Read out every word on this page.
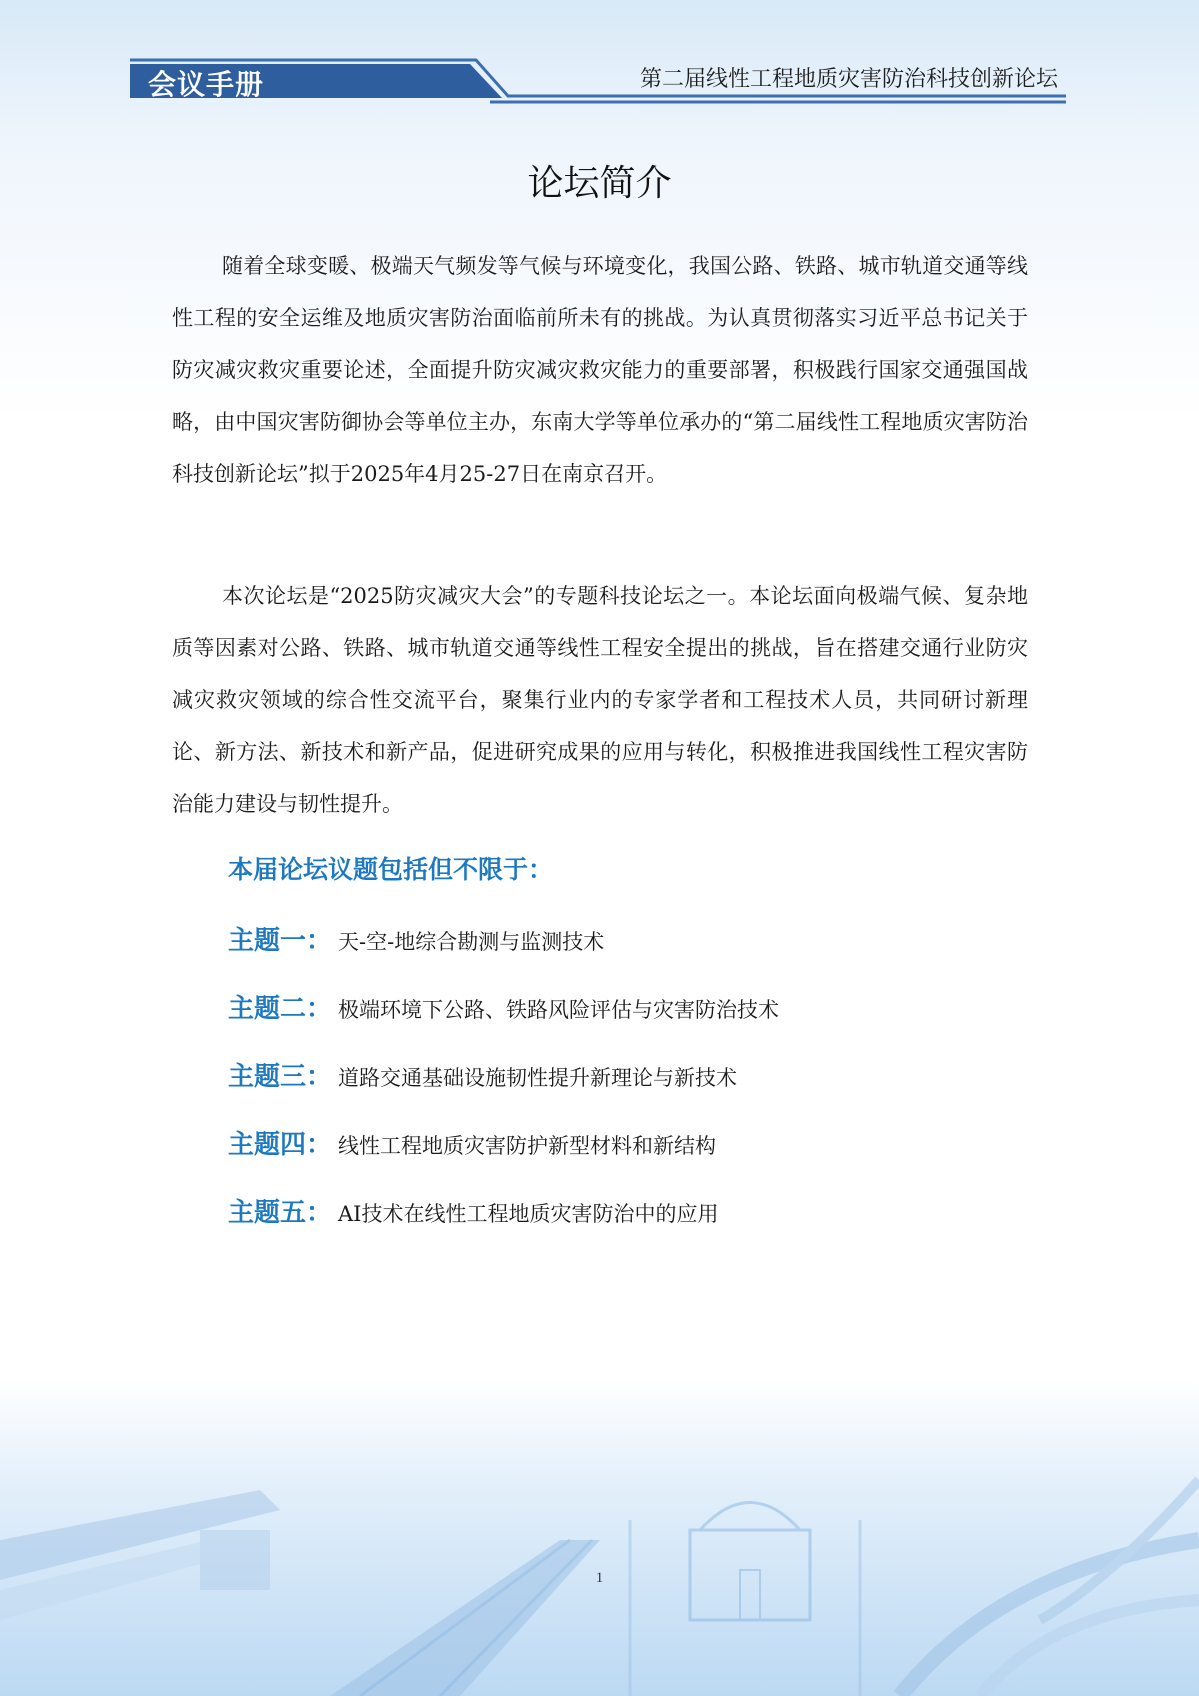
会议手册	第二届线性工程地质灾害防治科技创新论坛
论坛简介

随着全球变暖、极端天气频发等气候与环境变化，我国公路、铁路、城市轨道交通等线性工程的安全运维及地质灾害防治面临前所未有的挑战。为认真贯彻落实习近平总书记关于防灾减灾救灾重要论述，全面提升防灾减灾救灾能力的重要部署，积极践行国家交通强国战略，由中国灾害防御协会等单位主办，东南大学等单位承办的“第二届线性工程地质灾害防治科技创新论坛”拟于2025年4月25-27日在南京召开。

本次论坛是“2025防灾减灾大会”的专题科技论坛之一。本论坛面向极端气候、复杂地质等因素对公路、铁路、城市轨道交通等线性工程安全提出的挑战，旨在搭建交通行业防灾减灾救灾领域的综合性交流平台，聚集行业内的专家学者和工程技术人员，共同研讨新理论、新方法、新技术和新产品，促进研究成果的应用与转化，积极推进我国线性工程灾害防治能力建设与韧性提升。

本届论坛议题包括但不限于：
主题一： 天-空-地综合勘测与监测技术
主题二： 极端环境下公路、铁路风险评估与灾害防治技术
主题三： 道路交通基础设施韧性提升新理论与新技术
主题四： 线性工程地质灾害防护新型材料和新结构
主题五： AI技术在线性工程地质灾害防治中的应用
1
